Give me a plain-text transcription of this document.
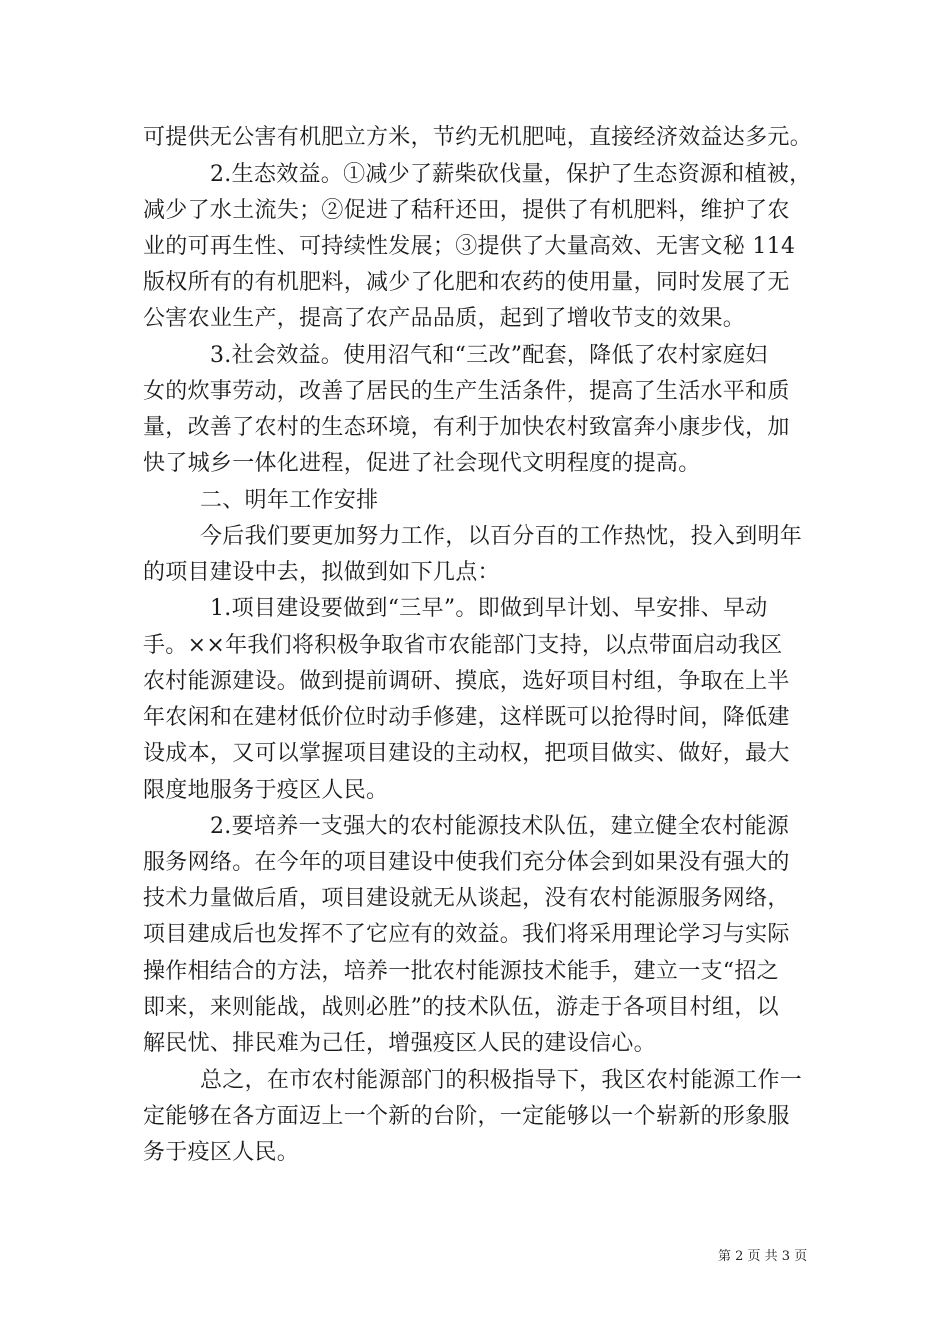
可提供无公害有机肥立方米，节约无机肥吨，直接经济效益达多元。

2.生态效益。①减少了薪柴砍伐量，保护了生态资源和植被，

减少了水土流失；②促进了秸秆还田，提供了有机肥料，维护了农

业的可再生性、可持续性发展；③提供了大量高效、无害文秘 114

版权所有的有机肥料，减少了化肥和农药的使用量，同时发展了无

公害农业生产，提高了农产品品质，起到了增收节支的效果。

3.社会效益。使用沼气和“三改”配套，降低了农村家庭妇

女的炊事劳动，改善了居民的生产生活条件，提高了生活水平和质

量，改善了农村的生态环境，有利于加快农村致富奔小康步伐，加

快了城乡一体化进程，促进了社会现代文明程度的提高。

二、明年工作安排

今后我们要更加努力工作，以百分百的工作热忱，投入到明年

的项目建设中去，拟做到如下几点：

1.项目建设要做到“三早”。即做到早计划、早安排、早动

手。××年我们将积极争取省市农能部门支持，以点带面启动我区

农村能源建设。做到提前调研、摸底，选好项目村组，争取在上半

年农闲和在建材低价位时动手修建，这样既可以抢得时间，降低建

设成本，又可以掌握项目建设的主动权，把项目做实、做好，最大

限度地服务于疫区人民。

2.要培养一支强大的农村能源技术队伍，建立健全农村能源

服务网络。在今年的项目建设中使我们充分体会到如果没有强大的

技术力量做后盾，项目建设就无从谈起，没有农村能源服务网络，

项目建成后也发挥不了它应有的效益。我们将采用理论学习与实际

操作相结合的方法，培养一批农村能源技术能手，建立一支“招之

即来，来则能战，战则必胜”的技术队伍，游走于各项目村组，以

解民忧、排民难为己任，增强疫区人民的建设信心。

总之，在市农村能源部门的积极指导下，我区农村能源工作一

定能够在各方面迈上一个新的台阶，一定能够以一个崭新的形象服

务于疫区人民。

第 2 页 共 3 页
